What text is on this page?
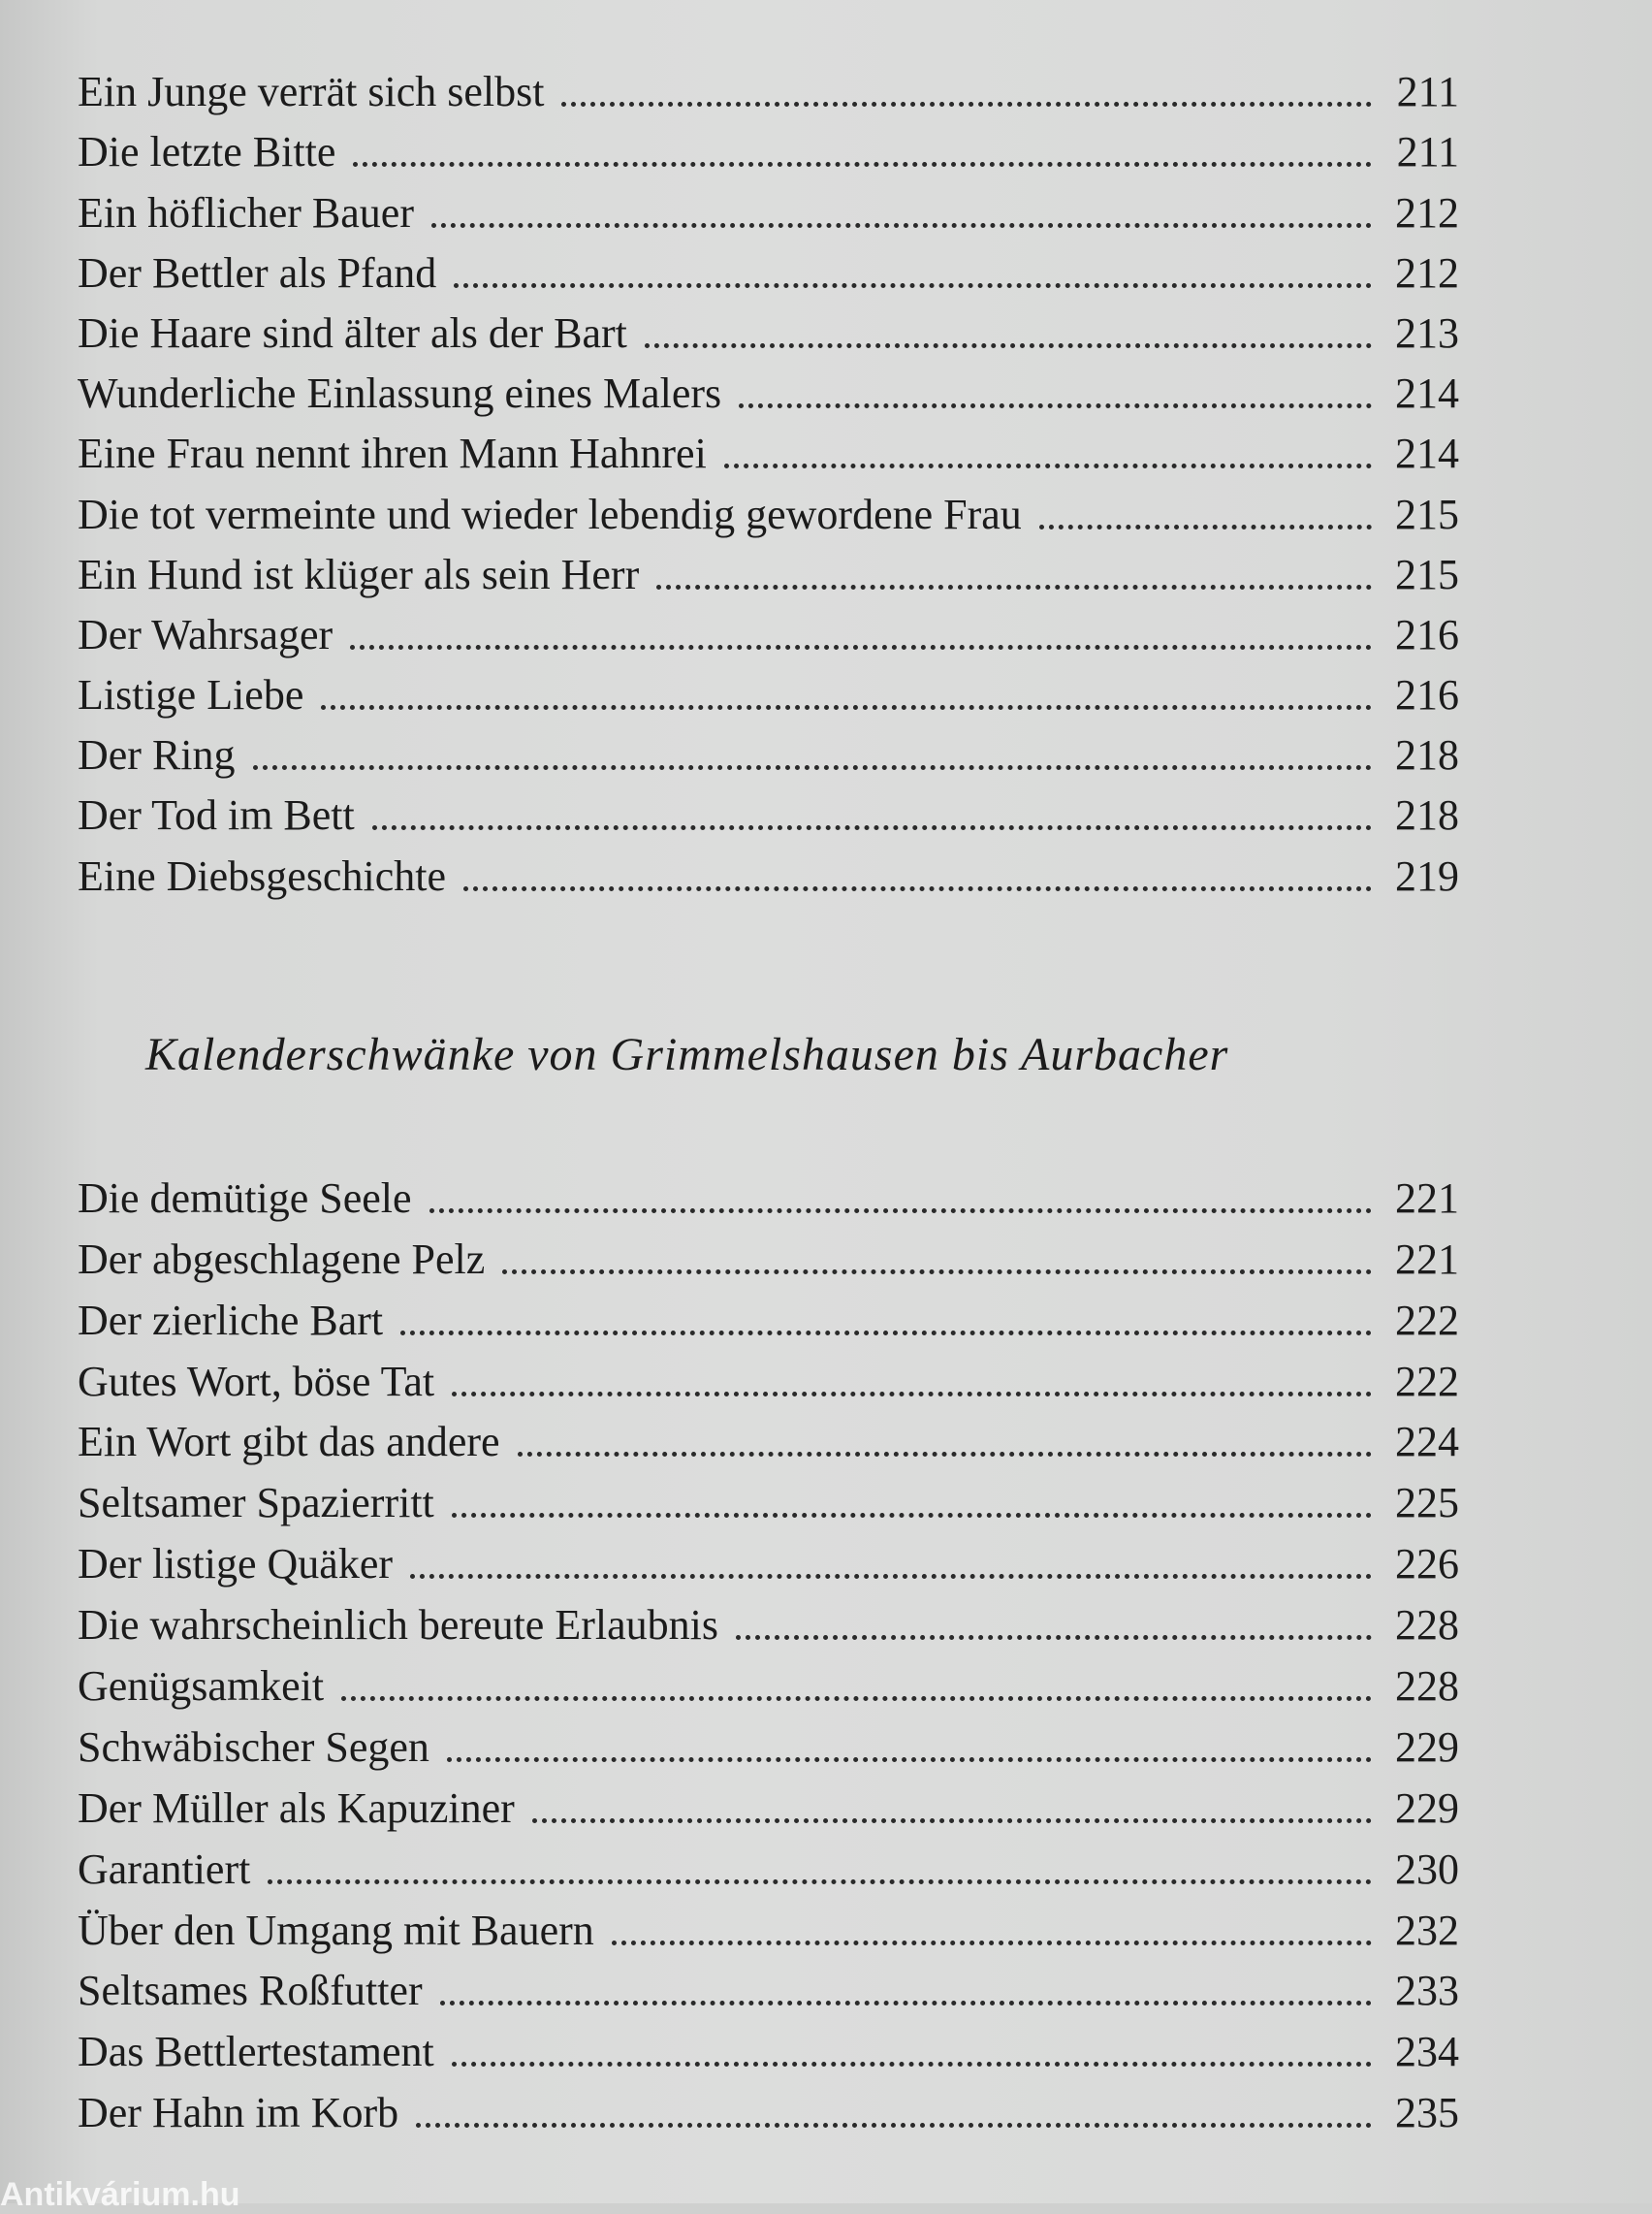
Ein Junge verrät sich selbst	211
Die letzte Bitte	211
Ein höflicher Bauer	212
Der Bettler als Pfand	212
Die Haare sind älter als der Bart	213
Wunderliche Einlassung eines Malers	214
Eine Frau nennt ihren Mann Hahnrei	214
Die tot vermeinte und wieder lebendig gewordene Frau	215
Ein Hund ist klüger als sein Herr	215
Der Wahrsager	216
Listige Liebe	216
Der Ring	218
Der Tod im Bett	218
Eine Diebsgeschichte	219
Kalenderschwänke von Grimmelshausen bis Aurbacher
Die demütige Seele	221
Der abgeschlagene Pelz	221
Der zierliche Bart	222
Gutes Wort, böse Tat	222
Ein Wort gibt das andere	224
Seltsamer Spazierritt	225
Der listige Quäker	226
Die wahrscheinlich bereute Erlaubnis	228
Genügsamkeit	228
Schwäbischer Segen	229
Der Müller als Kapuziner	229
Garantiert	230
Über den Umgang mit Bauern	232
Seltsames Roßfutter	233
Das Bettlertestament	234
Der Hahn im Korb	235
Antikvárium.hu
